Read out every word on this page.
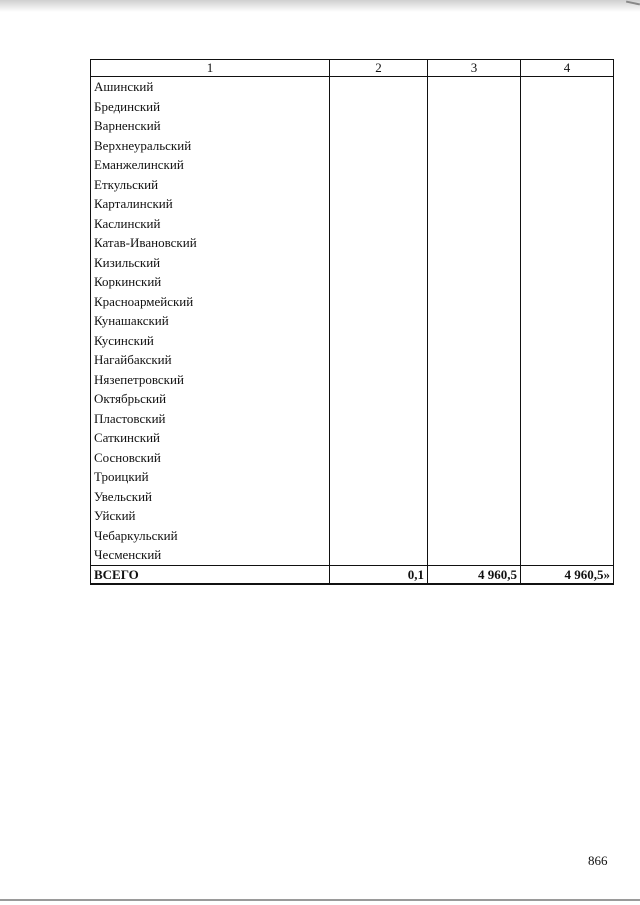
1	2	3	4
Ашинский			
Брединский			
Варненский			
Верхнеуральский			
Еманжелинский			
Еткульский			
Карталинский			
Каслинский			
Катав-Ивановский			
Кизильский			
Коркинский			
Красноармейский			
Кунашакский			
Кусинский			
Нагайбакский			
Нязепетровский			
Октябрьский			
Пластовский			
Саткинский			
Сосновский			
Троицкий			
Увельский			
Уйский			
Чебаркульский			
Чесменский			
ВСЕГО	0,1	4 960,5	4 960,5»
866
